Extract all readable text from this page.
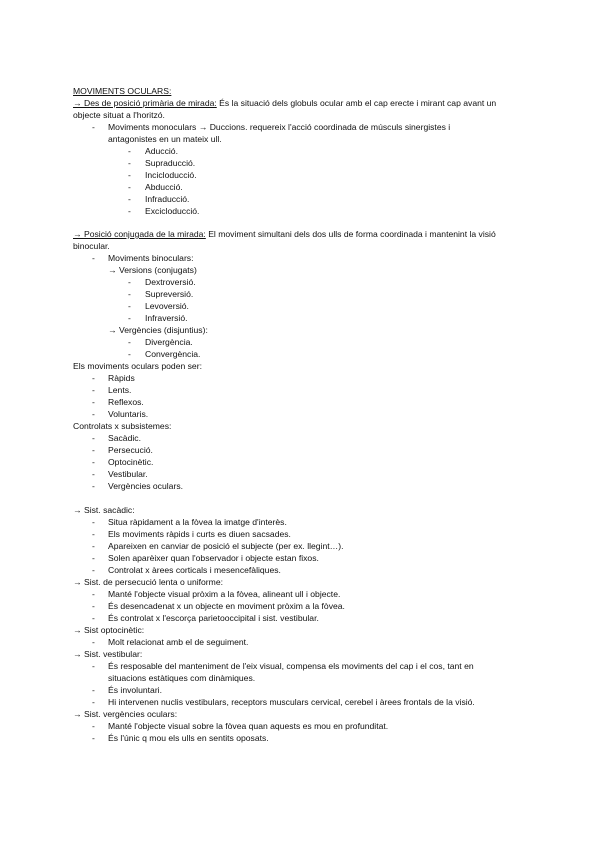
MOVIMENTS OCULARS:
→ Des de posició primària de mirada: És la situació dels globuls ocular amb el cap erecte i mirant cap avant un
objecte situat a l'horitzó.
- Moviments monoculars → Duccions. requereix l'acció coordinada de músculs sinergistes i
antagonistes en un mateix ull.
- Aducció.
- Supraducció.
- Incicloducció.
- Abducció.
- Infraducció.
- Excicloducció.
→ Posició conjugada de la mirada: El moviment simultani dels dos ulls de forma coordinada i mantenint la visió
binocular.
- Moviments binoculars:
→ Versions (conjugats)
- Dextroversió.
- Supreversió.
- Levoversió.
- Infraversió.
→ Vergències (disjuntius):
- Divergència.
- Convergència.
Els moviments oculars poden ser:
- Ràpids
- Lents.
- Reflexos.
- Voluntaris.
Controlats x subsistemes:
- Sacàdic.
- Persecució.
- Optocinètic.
- Vestibular.
- Vergències oculars.
→ Sist. sacàdic:
- Situa ràpidament a la fòvea la imatge d'interès.
- Els moviments ràpids i curts es diuen sacsades.
- Apareixen en canviar de posició el subjecte (per ex. llegint…).
- Solen aparèixer quan l'observador i objecte estan fixos.
- Controlat x àrees corticals i mesencefàliques.
→ Sist. de persecució lenta o uniforme:
- Manté l'objecte visual pròxim a la fòvea, alineant ull i objecte.
- És desencadenat x un objecte en moviment pròxim a la fòvea.
- És controlat x l'escorça parietooccipital i sist. vestibular.
→ Sist optocinètic:
- Molt relacionat amb el de seguiment.
→ Sist. vestibular:
- És resposable del manteniment de l'eix visual, compensa els moviments del cap i el cos, tant en
situacions estàtiques com dinàmiques.
- És involuntari.
- Hi intervenen nuclis vestibulars, receptors musculars cervical, cerebel i àrees frontals de la visió.
→ Sist. vergències oculars:
- Manté l'objecte visual sobre la fòvea quan aquests es mou en profunditat.
- És l'únic q mou els ulls en sentits oposats.
